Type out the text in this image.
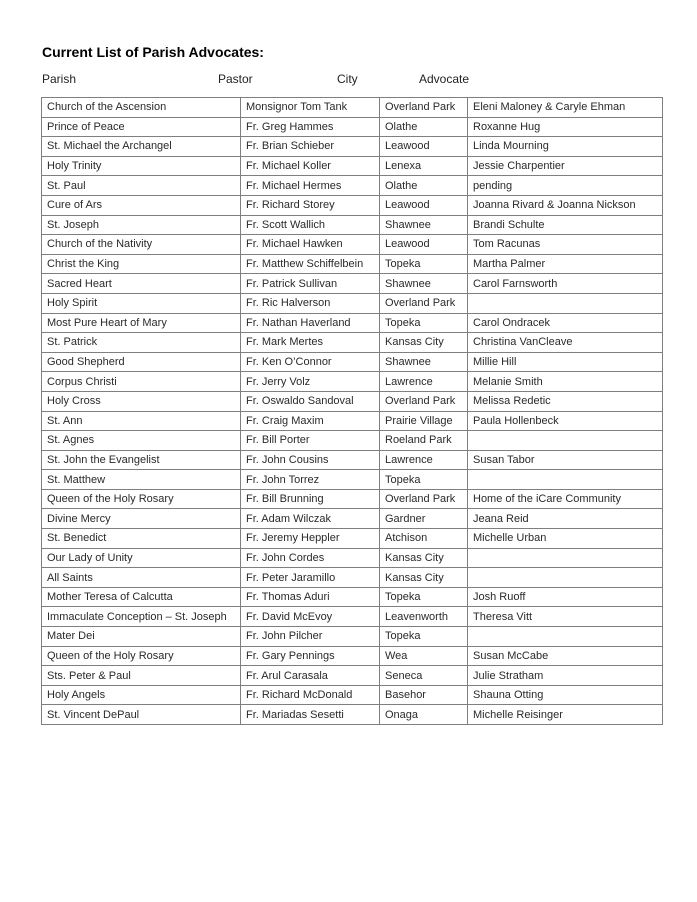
Current List of Parish Advocates:
Parish	Pastor	City	Advocate
Church of the Ascension	Monsignor Tom Tank	Overland Park	Eleni Maloney & Caryle Ehman
Prince of Peace	Fr. Greg Hammes	Olathe	Roxanne Hug
St. Michael the Archangel	Fr. Brian Schieber	Leawood	Linda Mourning
Holy Trinity	Fr. Michael Koller	Lenexa	Jessie Charpentier
St. Paul	Fr. Michael Hermes	Olathe	pending
Cure of Ars	Fr. Richard Storey	Leawood	Joanna Rivard & Joanna Nickson
St. Joseph	Fr. Scott Wallich	Shawnee	Brandi Schulte
Church of the Nativity	Fr. Michael Hawken	Leawood	Tom Racunas
Christ the King	Fr. Matthew Schiffelbein	Topeka	Martha Palmer
Sacred Heart	Fr. Patrick Sullivan	Shawnee	Carol Farnsworth
Holy Spirit	Fr. Ric Halverson	Overland Park	
Most Pure Heart of Mary	Fr. Nathan Haverland	Topeka	Carol Ondracek
St. Patrick	Fr. Mark Mertes	Kansas City	Christina VanCleave
Good Shepherd	Fr. Ken O’Connor	Shawnee	Millie Hill
Corpus Christi	Fr. Jerry Volz	Lawrence	Melanie Smith
Holy Cross	Fr. Oswaldo Sandoval	Overland Park	Melissa Redetic
St. Ann	Fr. Craig Maxim	Prairie Village	Paula Hollenbeck
St. Agnes	Fr. Bill Porter	Roeland Park	
St. John the Evangelist	Fr. John Cousins	Lawrence	Susan Tabor
St. Matthew	Fr. John Torrez	Topeka	
Queen of the Holy Rosary	Fr. Bill Brunning	Overland Park	Home of the iCare Community
Divine Mercy	Fr. Adam Wilczak	Gardner	Jeana Reid
St. Benedict	Fr. Jeremy Heppler	Atchison	Michelle Urban
Our Lady of Unity	Fr. John Cordes	Kansas City	
All Saints	Fr. Peter Jaramillo	Kansas City	
Mother Teresa of Calcutta	Fr. Thomas Aduri	Topeka	Josh Ruoff
Immaculate Conception – St. Joseph	Fr. David McEvoy	Leavenworth	Theresa Vitt
Mater Dei	Fr. John Pilcher	Topeka	
Queen of the Holy Rosary	Fr. Gary Pennings	Wea	Susan McCabe
Sts. Peter & Paul	Fr. Arul Carasala	Seneca	Julie Stratham
Holy Angels	Fr. Richard McDonald	Basehor	Shauna Otting
St. Vincent DePaul	Fr. Mariadas Sesetti	Onaga	Michelle Reisinger
